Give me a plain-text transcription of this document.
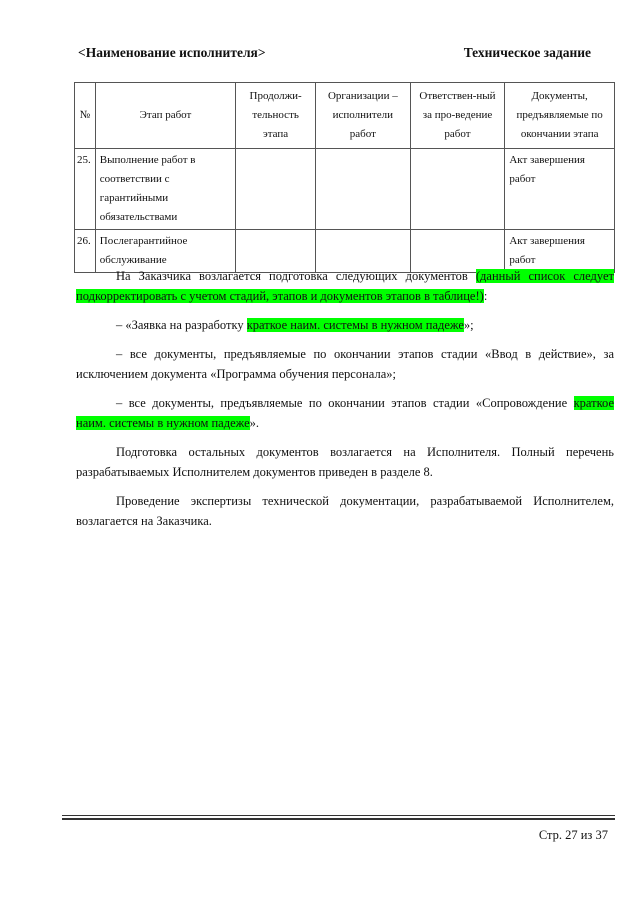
<Наименование исполнителя>	Техническое задание
№	Этап работ	Продолжи-тельность этапа	Организации – исполнители работ	Ответствен-ный за про-ведение работ	Документы, предъявляемые по окончании этапа
25.	Выполнение работ в соответствии с гарантийными обязательствами				Акт завершения работ
26.	Послегарантийное обслуживание				Акт завершения работ

На Заказчика возлагается подготовка следующих документов (данный список следует подкорректировать с учетом стадий, этапов и документов этапов в таблице!):

– «Заявка на разработку краткое наим. системы в нужном падеже»;

– все документы, предъявляемые по окончании этапов стадии «Ввод в действие», за исключением документа «Программа обучения персонала»;

– все документы, предъявляемые по окончании этапов стадии «Сопровождение краткое наим. системы в нужном падеже».

Подготовка остальных документов возлагается на Исполнителя. Полный перечень разрабатываемых Исполнителем документов приведен в разделе 8.

Проведение экспертизы технической документации, разрабатываемой Исполнителем, возлагается на Заказчика.

Стр. 27 из 37
